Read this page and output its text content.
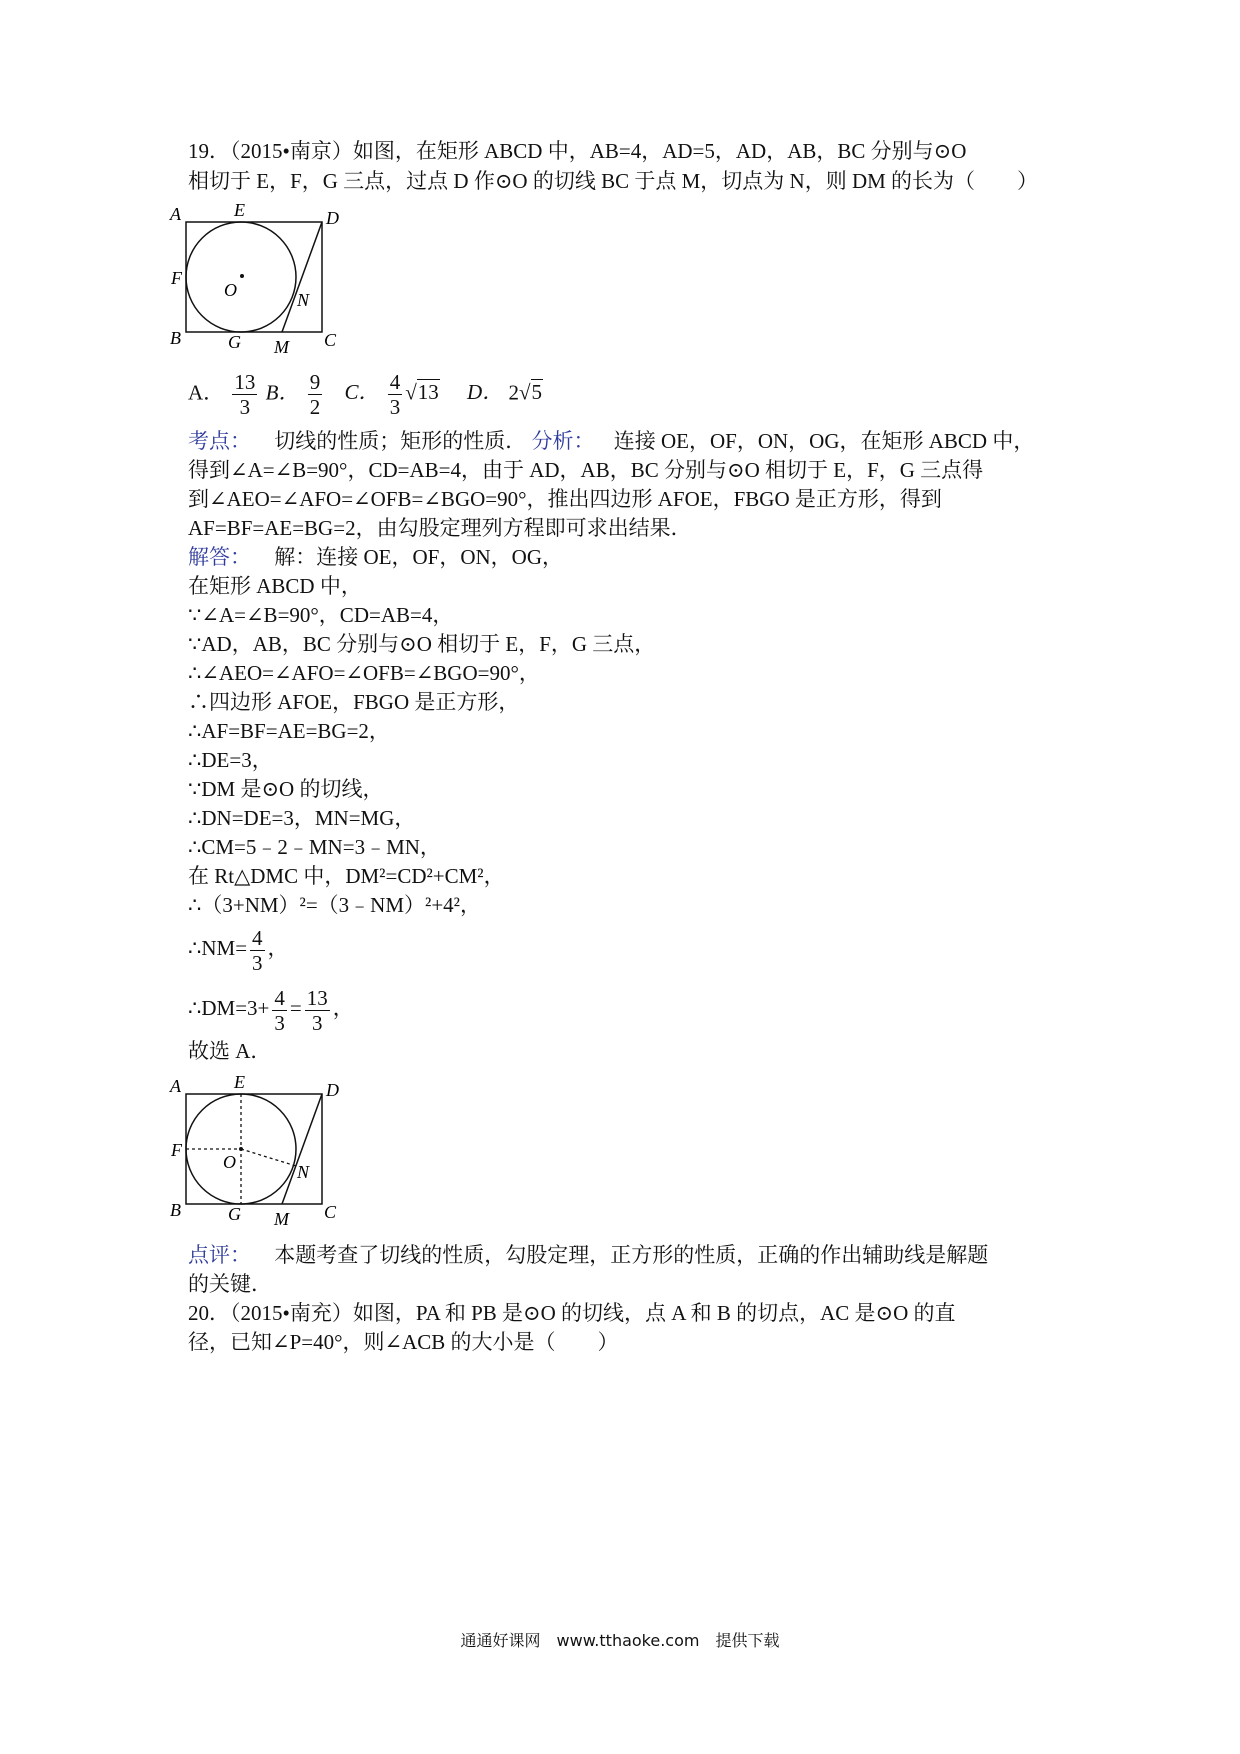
19．（2015•南京）如图，在矩形 ABCD 中，AB=4，AD=5，AD，AB，BC 分别与⊙O
相切于 E，F，G 三点，过点 D 作⊙O 的切线 BC 于点 M，切点为 N，则 DM 的长为（　　）
A	E	D
F
O	N
B	G M C
A． $\frac{13}{3}$ B． $\frac{9}{2}$ C． $\frac{4}{3} √13$ D． 2√5
考点： 切线的性质；矩形的性质． 分析： 连接 OE，OF，ON，OG，在矩形 ABCD 中，
得到∠A=∠B=90°，CD=AB=4，由于 AD，AB，BC 分别与⊙O 相切于 E，F，G 三点得
到∠AEO=∠AFO=∠OFB=∠BGO=90°，推出四边形 AFOE，FBGO 是正方形，得到
AF=BF=AE=BG=2，由勾股定理列方程即可求出结果．
解答： 解：连接 OE，OF，ON，OG，
在矩形 ABCD 中，
∵∠A=∠B=90°，CD=AB=4，
∵AD，AB，BC 分别与⊙O 相切于 E，F，G 三点，
∴∠AEO=∠AFO=∠OFB=∠BGO=90°，
∴四边形 AFOE，FBGO 是正方形，
∴AF=BF=AE=BG=2，
∴DE=3，
∵DM 是⊙O 的切线，
∴DN=DE=3，MN=MG，
∴CM=5﹣2﹣MN=3﹣MN，
在 Rt△DMC 中，DM²=CD²+CM²，
∴（3+NM）²=（3﹣NM）²+4²，
∴NM= $\frac{4}{3}$ ，
∴DM=3+ $\frac{4}{3} = \frac{13}{3}$ ，
故选 A．
A	E	D
F
O	N
B	G M C
点评： 本题考查了切线的性质，勾股定理，正方形的性质，正确的作出辅助线是解题
的关键．
20．（2015•南充）如图，PA 和 PB 是⊙O 的切线，点 A 和 B 的切点，AC 是⊙O 的直
径，已知∠P=40°，则∠ACB 的大小是（　　）
通通好课网　www.tthaoke.com　提供下载
